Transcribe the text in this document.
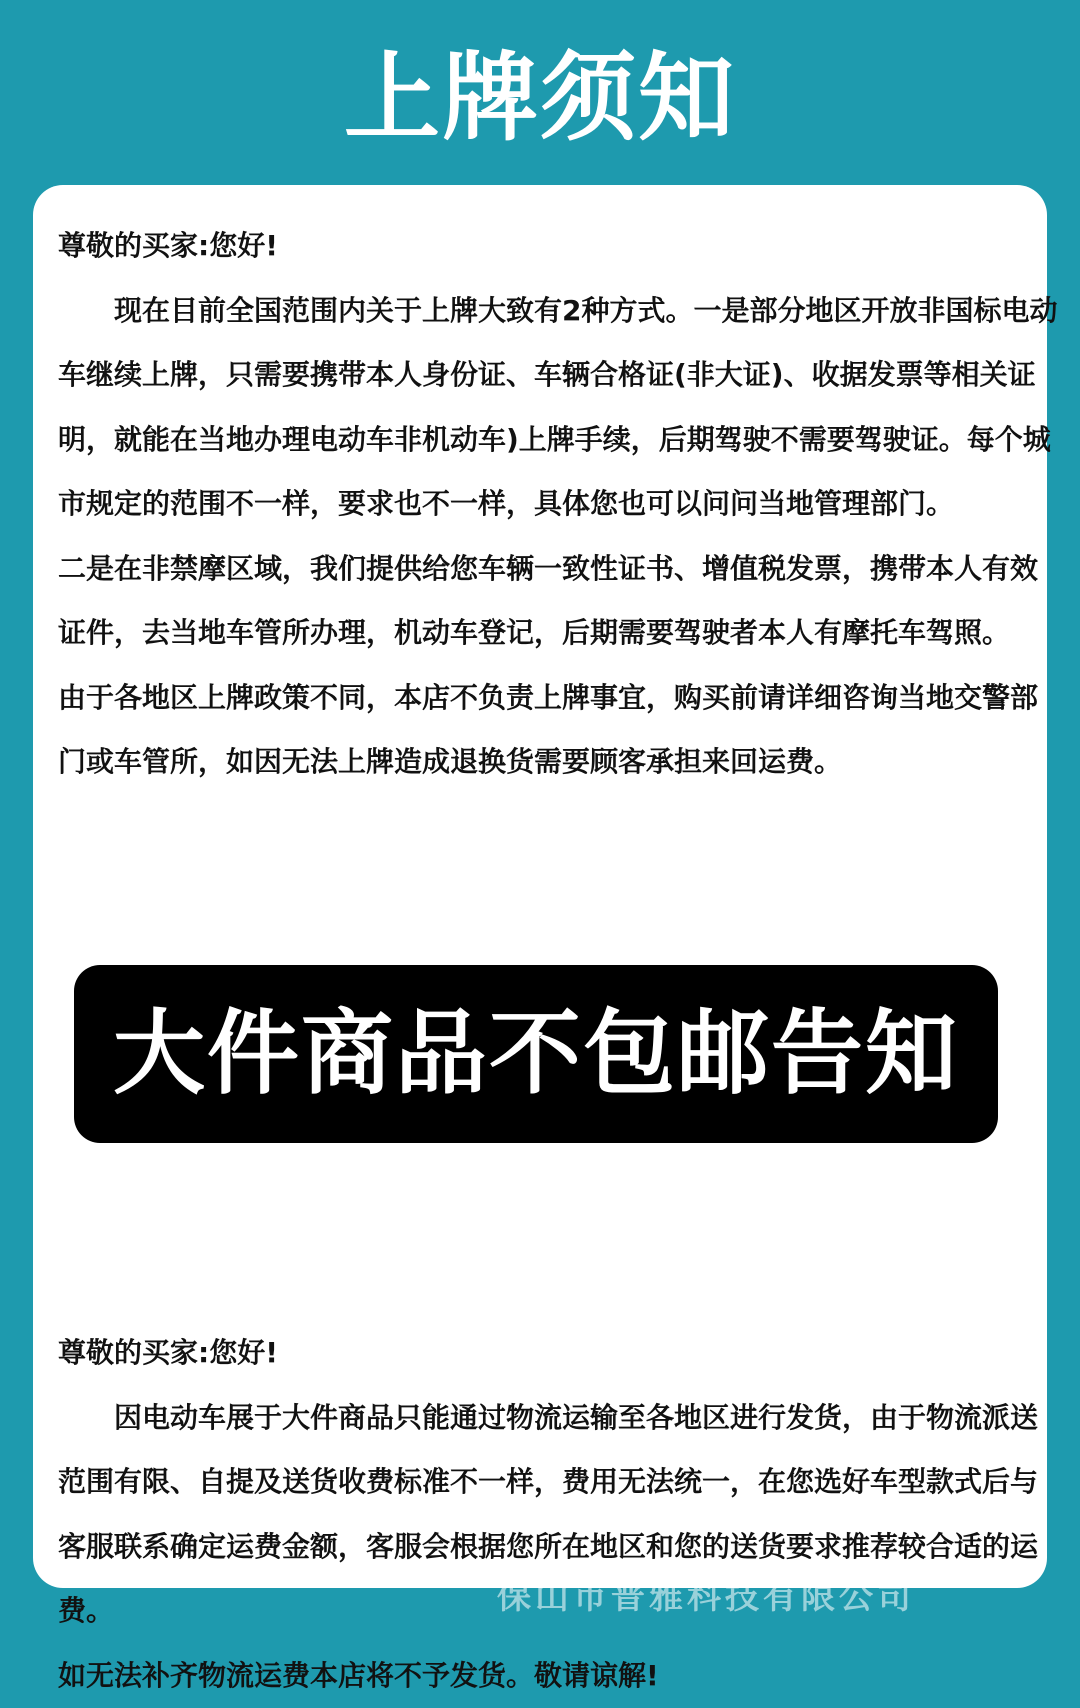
上牌须知

尊敬的买家:您好!

现在目前全国范围内关于上牌大致有2种方式。一是部分地区开放非国标电动车继续上牌，只需要携带本人身份证、车辆合格证(非大证)、收据发票等相关证明，就能在当地办理电动车非机动车)上牌手续，后期驾驶不需要驾驶证。每个城市规定的范围不一样，要求也不一样，具体您也可以问问当地管理部门。

二是在非禁摩区域，我们提供给您车辆一致性证书、增值税发票，携带本人有效证件，去当地车管所办理，机动车登记，后期需要驾驶者本人有摩托车驾照。

由于各地区上牌政策不同，本店不负责上牌事宜，购买前请详细咨询当地交警部门或车管所，如因无法上牌造成退换货需要顾客承担来回运费。

大件商品不包邮告知

尊敬的买家:您好!

因电动车展于大件商品只能通过物流运输至各地区进行发货，由于物流派送范围有限、自提及送货收费标准不一样，费用无法统一，在您选好车型款式后与客服联系确定运费金额，客服会根据您所在地区和您的送货要求推荐较合适的运费。

如无法补齐物流运费本店将不予发货。敬请谅解!

保山市普雅科技有限公司
